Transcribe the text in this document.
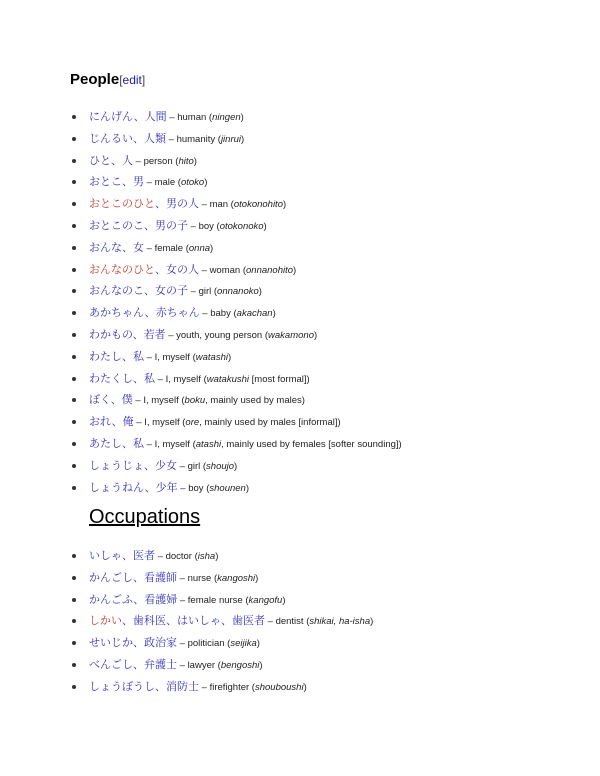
People[edit]
にんげん、人間 – human (ningen)
じんるい、人類 – humanity (jinrui)
ひと、人 – person (hito)
おとこ、男 – male (otoko)
おとこのひと、男の人 – man (otokonohito)
おとこのこ、男の子 – boy (otokonoko)
おんな、女 – female (onna)
おんなのひと、女の人 – woman (onnanohito)
おんなのこ、女の子 – girl (onnanoko)
あかちゃん、赤ちゃん – baby (akachan)
わかもの、若者 – youth, young person (wakamono)
わたし、私 – I, myself (watashi)
わたくし、私 – I, myself (watakushi [most formal])
ぼく、僕 – I, myself (boku, mainly used by males)
おれ、俺 – I, myself (ore, mainly used by males [informal])
あたし、私 – I, myself (atashi, mainly used by females [softer sounding])
しょうじょ、少女 – girl (shoujo)
しょうねん、少年 – boy (shounen)
Occupations
いしゃ、医者 – doctor (isha)
かんごし、看護師 – nurse (kangoshi)
かんごふ、看護婦 – female nurse (kangofu)
しかい、歯科医、はいしゃ、歯医者 – dentist (shikai, ha-isha)
せいじか、政治家 – politician (seijika)
べんごし、弁護士 – lawyer (bengoshi)
しょうぼうし、消防士 – firefighter (shouboushi)
